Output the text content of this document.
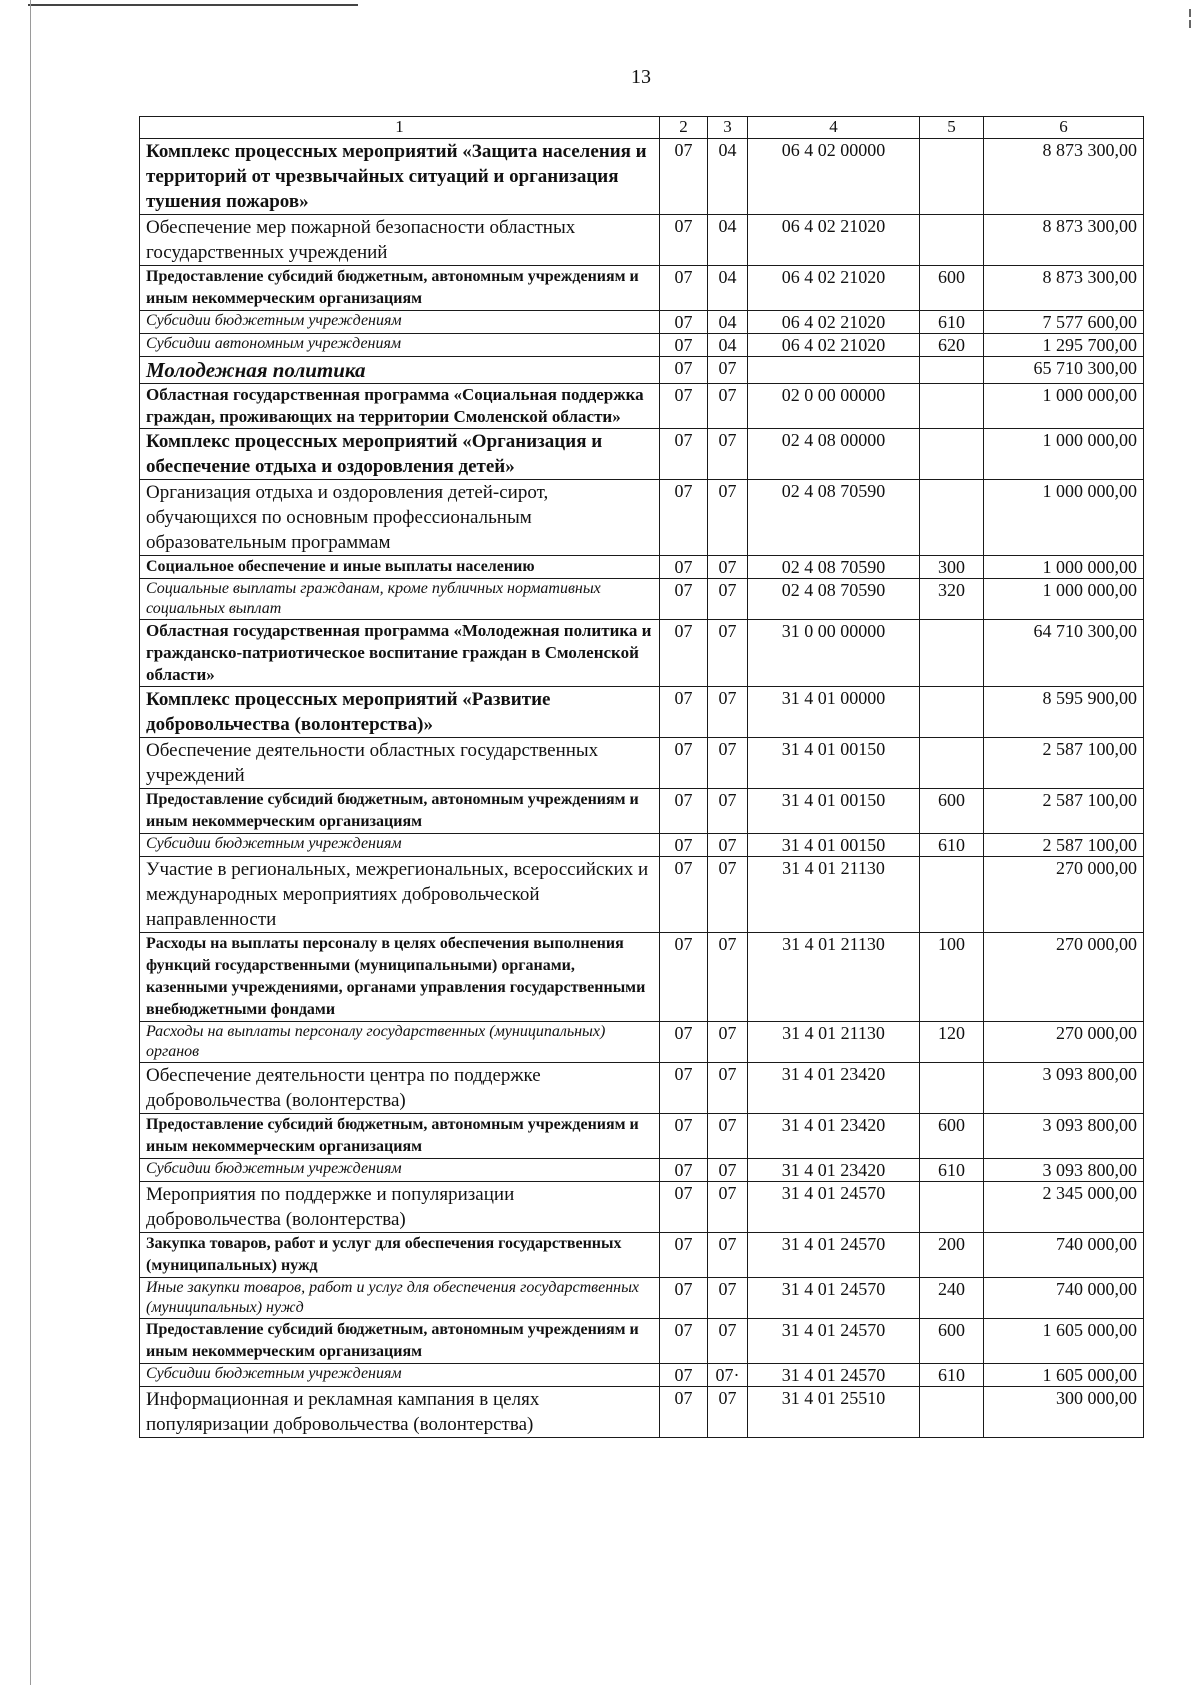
13
1	2	3	4	5	6
Комплекс процессных мероприятий «Защита населения и территорий от чрезвычайных ситуаций и организация тушения пожаров»	07	04	06 4 02 00000		8 873 300,00
Обеспечение мер пожарной безопасности областных государственных учреждений	07	04	06 4 02 21020		8 873 300,00
Предоставление субсидий бюджетным, автономным учреждениям и иным некоммерческим организациям	07	04	06 4 02 21020	600	8 873 300,00
Субсидии бюджетным учреждениям	07	04	06 4 02 21020	610	7 577 600,00
Субсидии автономным учреждениям	07	04	06 4 02 21020	620	1 295 700,00
Молодежная политика	07	07			65 710 300,00
Областная государственная программа «Социальная поддержка граждан, проживающих на территории Смоленской области»	07	07	02 0 00 00000		1 000 000,00
Комплекс процессных мероприятий «Организация и обеспечение отдыха и оздоровления детей»	07	07	02 4 08 00000		1 000 000,00
Организация отдыха и оздоровления детей-сирот, обучающихся по основным профессиональным образовательным программам	07	07	02 4 08 70590		1 000 000,00
Социальное обеспечение и иные выплаты населению	07	07	02 4 08 70590	300	1 000 000,00
Социальные выплаты гражданам, кроме публичных нормативных социальных выплат	07	07	02 4 08 70590	320	1 000 000,00
Областная государственная программа «Молодежная политика и гражданско-патриотическое воспитание граждан в Смоленской области»	07	07	31 0 00 00000		64 710 300,00
Комплекс процессных мероприятий «Развитие добровольчества (волонтерства)»	07	07	31 4 01 00000		8 595 900,00
Обеспечение деятельности областных государственных учреждений	07	07	31 4 01 00150		2 587 100,00
Предоставление субсидий бюджетным, автономным учреждениям и иным некоммерческим организациям	07	07	31 4 01 00150	600	2 587 100,00
Субсидии бюджетным учреждениям	07	07	31 4 01 00150	610	2 587 100,00
Участие в региональных, межрегиональных, всероссийских и международных мероприятиях добровольческой направленности	07	07	31 4 01 21130		270 000,00
Расходы на выплаты персоналу в целях обеспечения выполнения функций государственными (муниципальными) органами, казенными учреждениями, органами управления государственными внебюджетными фондами	07	07	31 4 01 21130	100	270 000,00
Расходы на выплаты персоналу государственных (муниципальных) органов	07	07	31 4 01 21130	120	270 000,00
Обеспечение деятельности центра по поддержке добровольчества (волонтерства)	07	07	31 4 01 23420		3 093 800,00
Предоставление субсидий бюджетным, автономным учреждениям и иным некоммерческим организациям	07	07	31 4 01 23420	600	3 093 800,00
Субсидии бюджетным учреждениям	07	07	31 4 01 23420	610	3 093 800,00
Мероприятия по поддержке и популяризации добровольчества (волонтерства)	07	07	31 4 01 24570		2 345 000,00
Закупка товаров, работ и услуг для обеспечения государственных (муниципальных) нужд	07	07	31 4 01 24570	200	740 000,00
Иные закупки товаров, работ и услуг для обеспечения государственных (муниципальных) нужд	07	07	31 4 01 24570	240	740 000,00
Предоставление субсидий бюджетным, автономным учреждениям и иным некоммерческим организациям	07	07	31 4 01 24570	600	1 605 000,00
Субсидии бюджетным учреждениям	07	07·	31 4 01 24570	610	1 605 000,00
Информационная и рекламная кампания в целях популяризации добровольчества (волонтерства)	07	07	31 4 01 25510		300 000,00
